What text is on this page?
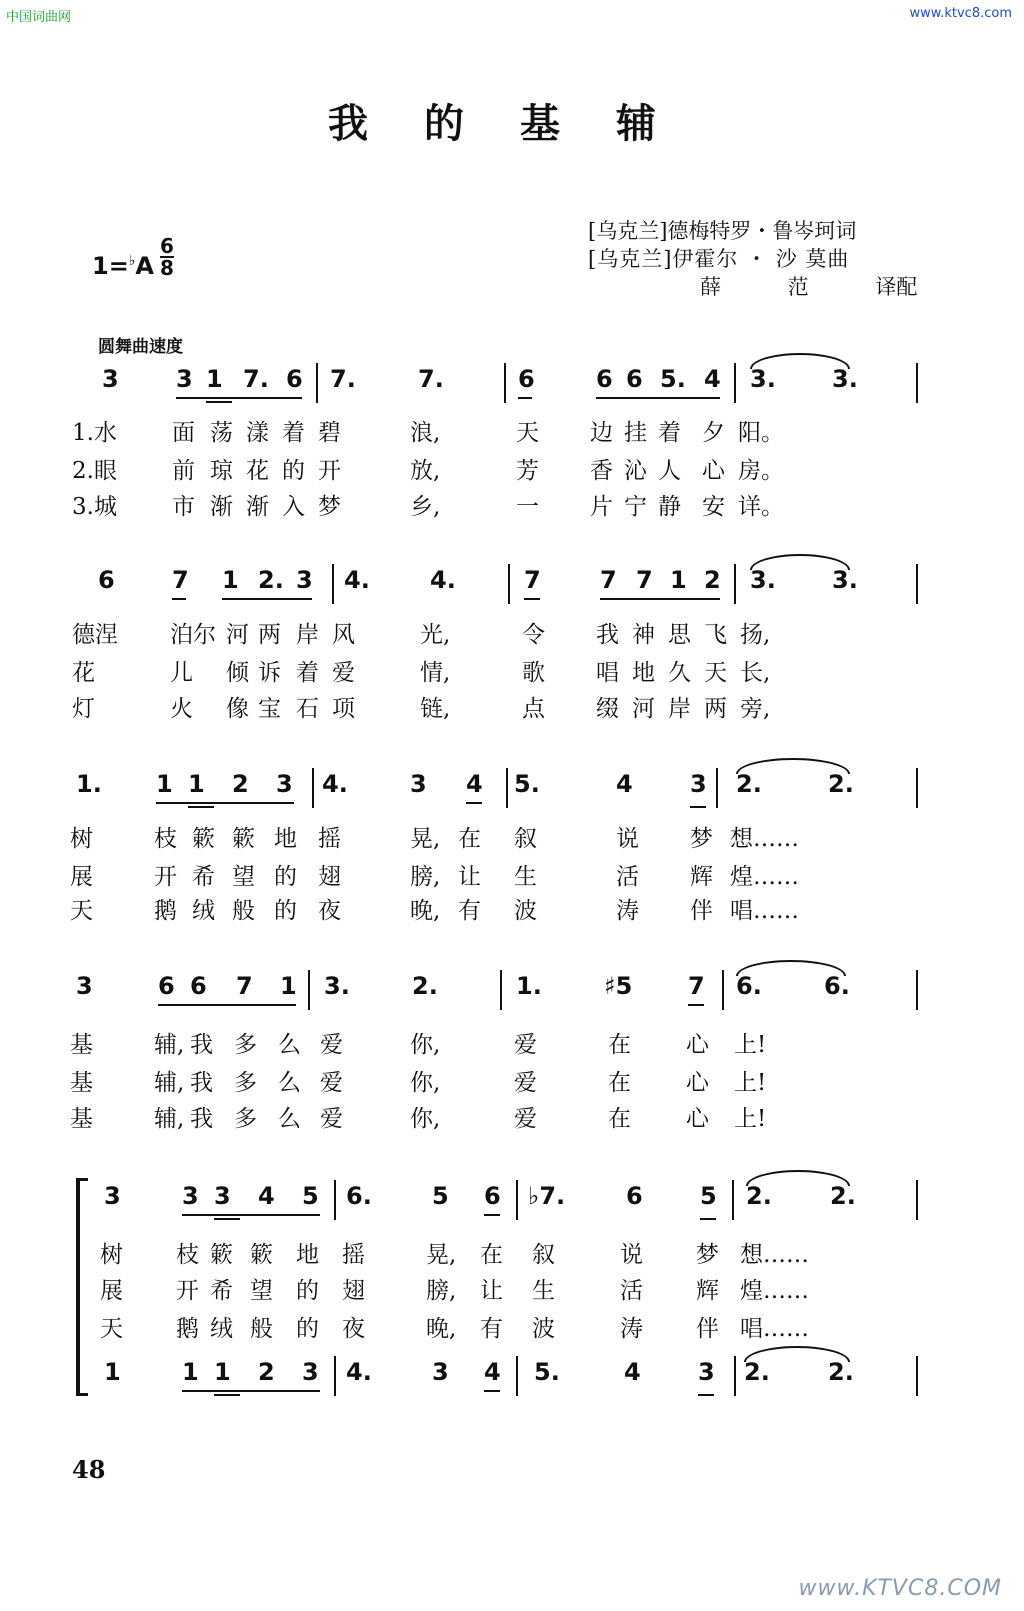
中国词曲网	www.ktvc8.com
www.KTVC8.COM
我 的 基 辅
[乌克兰]德梅特罗・鲁岑珂词
[乌克兰]伊霍尔 ・ 沙 莫曲
薛 范 译配
1=♭A
6
8
圆舞曲速度
3 3 1 7. 6 7.	7.	6	6 6 5. 4 3. 3.
1.水 面 荡 漾 着 碧	浪,	天 边 挂 着 夕 阳。
2.眼 前 琼 花 的 开	放,	芳 香 沁 人 心 房。
3.城 市 渐 渐 入 梦	乡,	一 片 宁 静 安 详。
6 7 1 2. 3 4.	4.	7 7 7 1 2 3. 3.
德涅 泊尔 河 两 岸 风	光,	令 我 神 思 飞 扬,
花	儿 倾 诉 着 爱	情,	歌 唱 地 久 天 长,
灯	火 像 宝 石 项	链,	点 缀 河 岸 两 旁,
1. 1 1 2 3 4.	3 4 5.	4 3 2.	2.
树	枝 簌 簌 地 摇	晃, 在 叙	说 梦 想……
展	开 希 望 的 翅	膀, 让 生	活 辉 煌……
天	鹅 绒 般 的 夜	晚, 有 波	涛 伴 唱……
3	6 6 7 1 3.	2.	1.	♯5 7 6.	6.
基	辅, 我 多 么 爱	你,	爱	在 心 上!
基	辅, 我 多 么 爱	你,	爱	在 心 上!
基	辅, 我 多 么 爱	你,	爱	在 心 上!
3	3 3 4 5 6.	5 6 ♭7.	6 5 2. 2.
树 枝 簌 簌 地 摇	晃, 在 叙	说 梦 想……
展 开 希 望 的 翅	膀, 让 生	活 辉 煌……
天 鹅 绒 般 的 夜	晚, 有 波	涛 伴 唱……
1	1 1 2 3 4.	3 4 5.	4 3 2. 2.
48
